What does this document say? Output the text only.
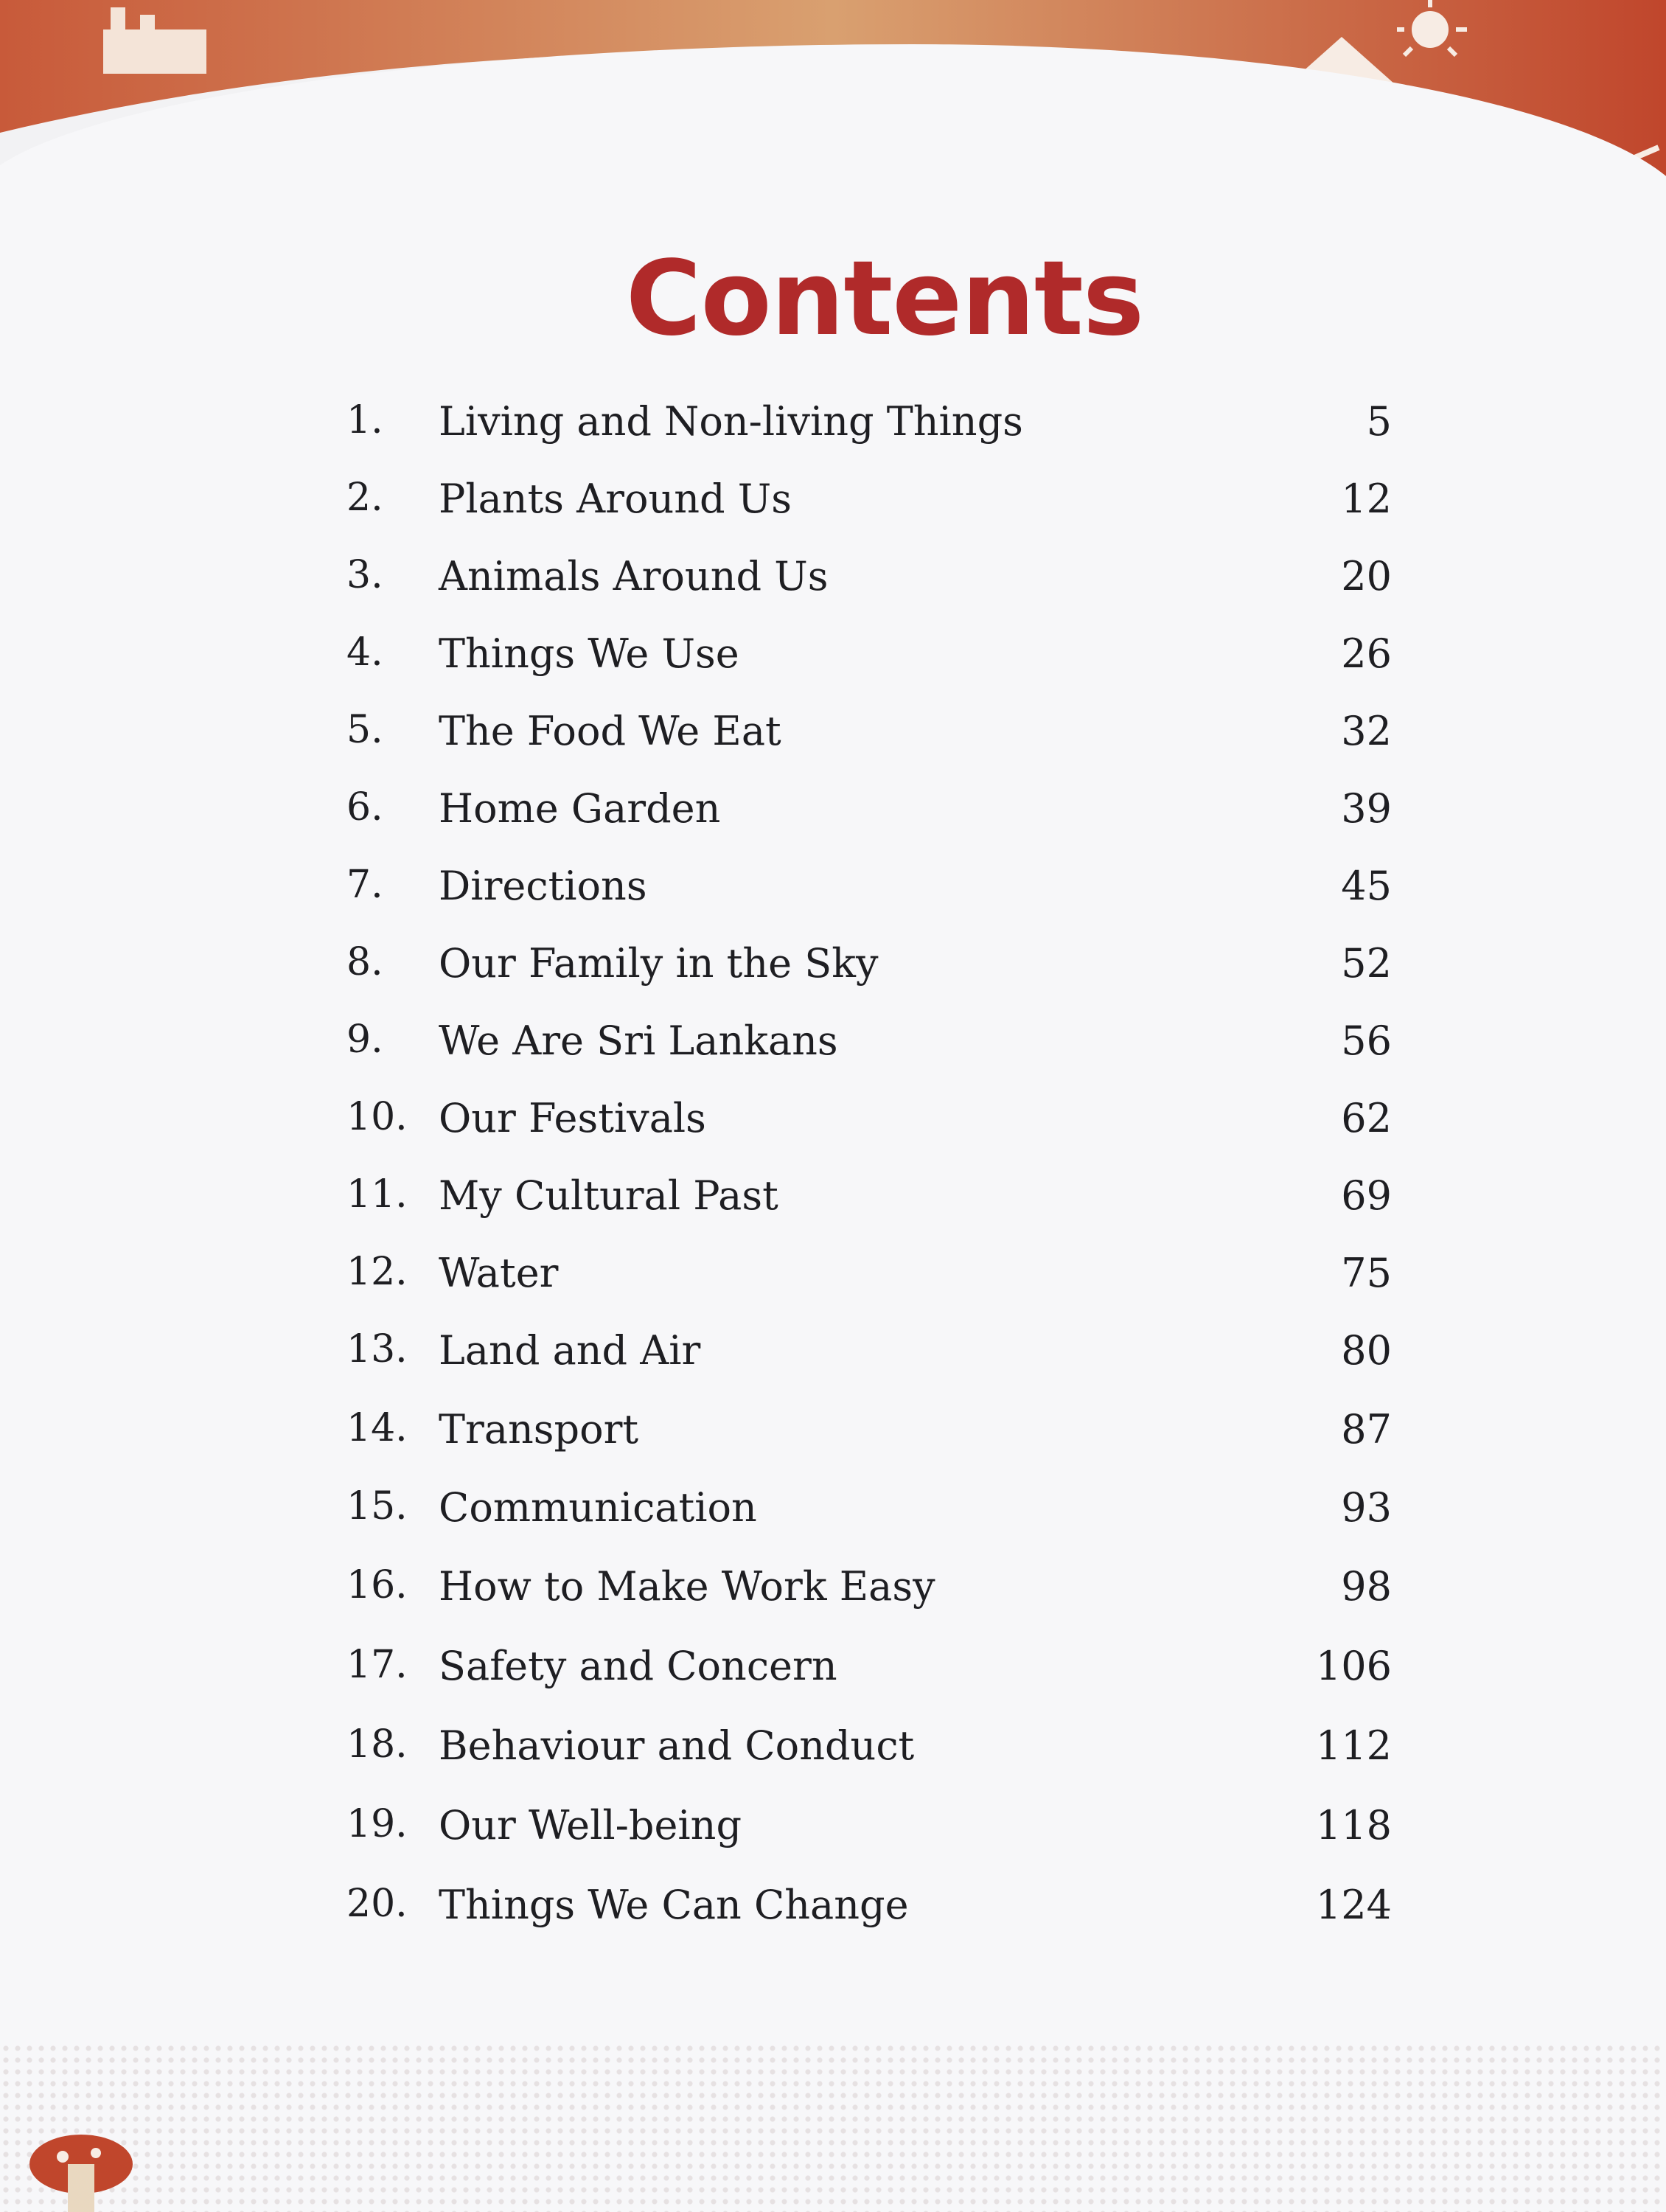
Contents
1. Living and Non-living Things	5
2. Plants Around Us	12
3. Animals Around Us	20
4. Things We Use	26
5. The Food We Eat	32
6. Home Garden	39
7. Directions	45
8. Our Family in the Sky	52
9. We Are Sri Lankans	56
10. Our Festivals	62
11. My Cultural Past	69
12. Water	75
13. Land and Air	80
14. Transport	87
15. Communication	93
16. How to Make Work Easy	98
17. Safety and Concern	106
18. Behaviour and Conduct	112
19. Our Well-being	118
20. Things We Can Change	124
